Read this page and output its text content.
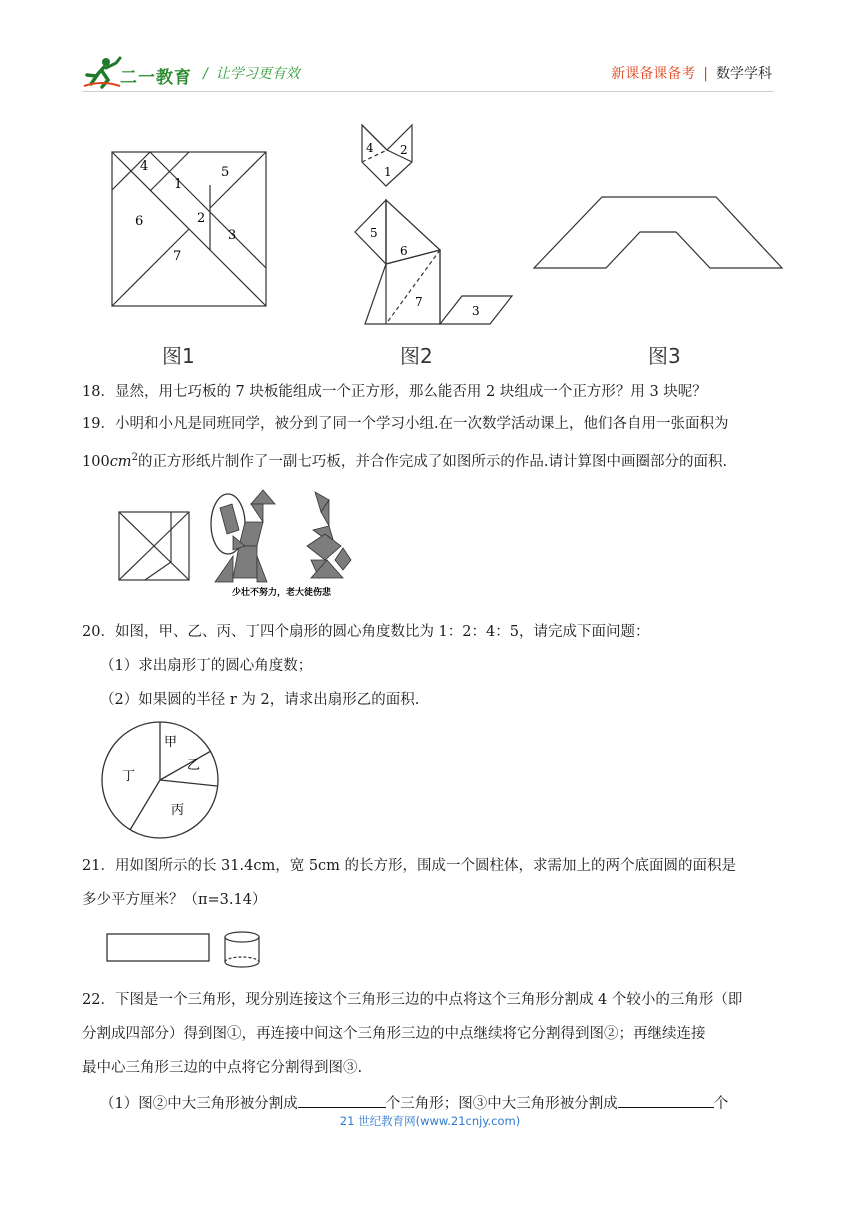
二一教育 / 让学习更有效	新课备课备考 | 数学学科
4
1
5
6	2
3
7
图1
4 2
1
5
6
7
3
图2	图3
18．显然，用七巧板的 7 块板能组成一个正方形，那么能否用 2 块组成一个正方形？用 3 块呢？
19．小明和小凡是同班同学，被分到了同一个学习小组.在一次数学活动课上，他们各自用一张面积为
$100cm^2$的正方形纸片制作了一副七巧板，并合作完成了如图所示的作品.请计算图中画圈部分的面积.
少壮不努力，老大徒伤悲
20．如图，甲、乙、丙、丁四个扇形的圆心角度数比为 1：2：4：5，请完成下面问题：
（1）求出扇形丁的圆心角度数；
（2）如果圆的半径 r 为 2，请求出扇形乙的面积.
甲
乙
丙
丁
21．用如图所示的长 31.4cm，宽 5cm 的长方形，围成一个圆柱体，求需加上的两个底面圆的面积是
多少平方厘米？（π=3.14）
22．下图是一个三角形，现分别连接这个三角形三边的中点将这个三角形分割成 4 个较小的三角形（即
分割成四部分）得到图①，再连接中间这个三角形三边的中点继续将它分割得到图②；再继续连接
最中心三角形三边的中点将它分割得到图③.
（1）图②中大三角形被分割成	个三角形；图③中大三角形被分割成	个
21 世纪教育网(www.21cnjy.com)
